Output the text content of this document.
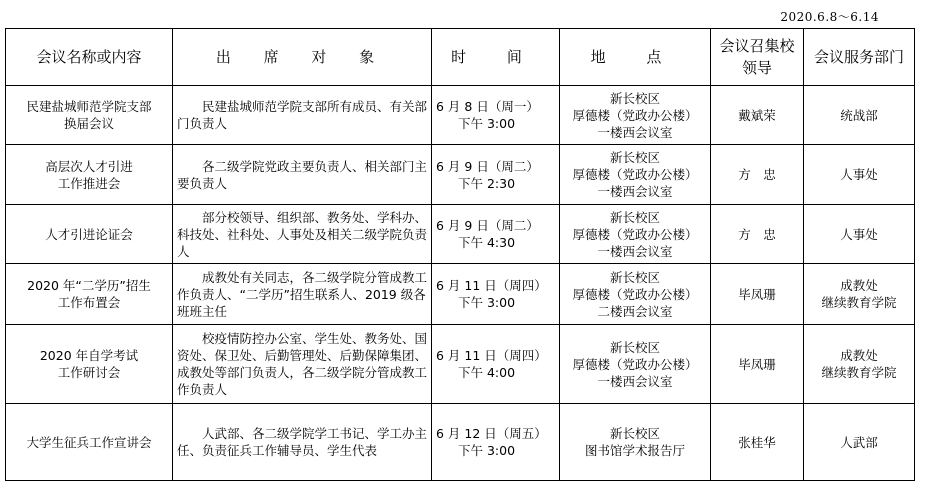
2020.6.8～6.14
会议名称或内容	出 席 对 象	时 间	地 点	会议召集校领导	会议服务部门

民建盐城师范学院支部
换届会议	民建盐城师范学院支部所有成员、有关部门负责人	6 月 8 日（周一）
下午 3:00	新长校区
厚德楼（党政办公楼）
一楼西会议室	戴斌荣	统战部

高层次人才引进
工作推进会	各二级学院党政主要负责人、相关部门主要负责人	6 月 9 日（周二）
下午 2:30	新长校区
厚德楼（党政办公楼）
一楼西会议室	方　忠	人事处

人才引进论证会	部分校领导、组织部、教务处、学科办、科技处、社科处、人事处及相关二级学院负责人	6 月 9 日（周二）
下午 4:30	新长校区
厚德楼（党政办公楼）
一楼西会议室	方　忠	人事处

2020 年“二学历”招生
工作布置会	成教处有关同志，各二级学院分管成教工作负责人、“二学历”招生联系人、2019 级各班班主任	6 月 11 日（周四）
下午 3:00	新长校区
厚德楼（党政办公楼）
二楼西会议室	毕凤珊	成教处
继续教育学院

2020 年自学考试
工作研讨会	校疫情防控办公室、学生处、教务处、国资处、保卫处、后勤管理处、后勤保障集团、成教处等部门负责人，各二级学院分管成教工作负责人	6 月 11 日（周四）
下午 4:00	新长校区
厚德楼（党政办公楼）
一楼西会议室	毕凤珊	成教处
继续教育学院

大学生征兵工作宣讲会	人武部、各二级学院学工书记、学工办主任、负责征兵工作辅导员、学生代表	6 月 12 日（周五）
下午 3:00	新长校区
图书馆学术报告厅	张桂华	人武部
